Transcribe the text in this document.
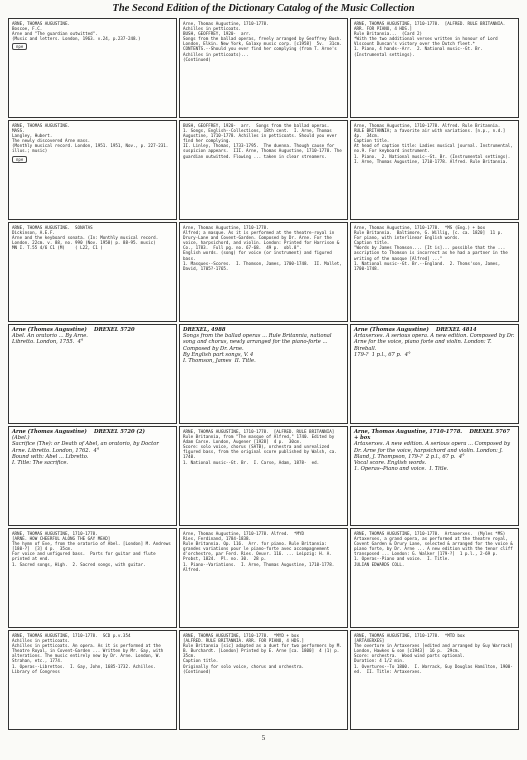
The Second Edition of the Dictionary Catalog of the Music Collection
ARNE, THOMAS AUGUSTINE.
Boscoe, F.C.
Arne and "The guardian outwitted".
(Music and letters. London, 1963. v.24, p.237-248.)
npe
Arne, Thomas Augustine, 1710-1778.
Achilles in petticoats.
BUSH, GEOFFREY, 1920-  arr.
Songs from the ballad operas, freely arranged by Geoffrey Bush. London, Elkin. New York, Galaxy music corp. [c1958]  5v.  31cm.
CONTENTS.--Should you ever find her complying (from T. Arne's Achilles in petticoats)...
(Continued)
ARNE, THOMAS AUGUSTINE, 1710-1778.  [ALFRED. RULE BRITANNIA. ARR. FOR PIANO, 4 HDS.]
Rule Britannia...  (Card 2)
*With the two additional verses written in honour of Lord Viscount Duncan's victory over the Dutch fleet.*
1. Piano, 4 hands--Arr.  2. National music--Gt. Br. (Instrumental settings).
ARNE, THOMAS AUGUSTINE.
MASS.
Langley, Hubert.
The newly discovered Arne mass.
(Monthly musical record. London, 1951. 1951, Nov., p. 227-231. illus.; music)
npe
BUSH, GEOFFREY, 1920-  arr.  Songs from the ballad operas.
1. Songs, English--Collections, 18th cent.  I. Arne, Thomas Augustine, 1710-1778. Achilles in petticoats. Should you ever find her complying.
II. Linley, Thomas, 1733-1795.  The duenna. Though cause for suspicion appears.  III. Arne, Thomas Augustine, 1710-1778. The guardian outwitted. Flowing ... taken in clear streamers.
Arne, Thomas Augustine, 1710-1778. Alfred. Rule Britannia.
RULE BRITANNIA; a favorite air with variations. [n.p., n.d.]  4p.  34cm.
Caption title.
At head of caption title: Ladies musical journal. Instrumental, no.9. For keyboard instrument.
1. Piano.  2. National music--Gt. Br. (Instrumental settings). I. Arne, Thomas Augustine, 1710-1778. Alfred. Rule Britannia.
ARNE, THOMAS AUGUSTINE.  SONATAS
Dickinson, A.E.F.
Arne and the keyboard sonata. (In: Monthly musical record. London. 22cm. v. 88, no. 990 (Nov. 1958) p. 88-95. music)
MN I. T.55 4/6 C1 (M)    ( L22, C1 )
Arne, Thomas Augustine, 1710-1778.
Alfred; a masque. As it is performed at the theatre-royal in Drury-Lane and Covent-Garden. Composed by Dr. Arne. For the voice, harpsichord, and violin. London: Printed for Harrison & Co., 1783.  Full pg. no. 67-68.  49 p.  obl.8".
English words. (song) for voice (or instrument) and figured bass.
1. Masques--Scores.  I. Thomson, James, 1700-1748.  II. Mallet, David, 1705?-1765.
Arne, Thomas Augustine, 1710-1778.  *MS (Eng.) + box
Rule Britannia.  Baltimore, G. Willig, [c. ca. 1820]  11 p.
For piano, with interlinear English words.
Caption title.
"Words by James Thomson.... [It is]... possible that the ... ascription to Thomson is incorrect as he had a partner in the writing of the masque [Alfred] ..."
1. National music--Gt. Br.--England.  2. Thoms'son, James, 1700-1748.
Arne (Thomas Augustine)    DREXEL 5720
Abel. An oratorio ... By Arne.
Libretto. London, 1755.  4°
DREXEL, 4988
Songs from the ballad operas ... Rule Britannia, national song and chorus, newly arranged for the piano-forte ... Composed by Dr. Arne.
By English part songs, V. 4
I. Thomson, James  II. Title.
Arne (Thomas Augustine)    DREXEL 4814
Artaxerxes. A serious opera. A new edition. Composed by Dr. Arne for the voice, piano forte and violin. London: T. Bireball.
179-?  1 p.l., 67 p.  4°
Arne (Thomas Augustine)    DREXEL 5720 (2)
(Abel.)
Sacrifice (The): or Death of Abel, an oratorio, by Doctor Arne. Libretto. London, 1762.  4°
Bound with: Abel ... Libretto.
I. Title: The sacrifice.
ARNE, THOMAS AUGUSTINE, 1710-1778.  [ALFRED. RULE BRITANNIA]
Rule Britannia, from "The masque of Alfred," 1740. Edited by Adam Carse. London, Augener [1928]  4 p.  30cm.
Score: solo voice, chorus (SATB), orchestra and unrealized figured bass, from the original score published by Walsh, ca. 1740.
1. National music--Gt. Br.  I. Carse, Adam, 1878-  ed.
Arne, Thomas Augustine, 1710-1778.    DREXEL 5767 + box
Artaxerxes. A new edition. A serious opera ... Composed by Dr. Arne for the voice, harpsichord and violin. London: J. Bland, J. Thompson, 179-?  2 p.l., 67 p.  4°
Vocal score. English words.
1. Operas--Piano and voice.  I. Title.
ARNE, THOMAS AUGUSTINE, 1710-1778.
[ARNE. HOW CHEERFUL ALONG THE GAY MEAD]
The hymn of Eve, from the oratorio of Abel. [London] M. Andrews [180-?]  [3] 4 p.  35cm.
For voice and unfigured bass.  Parts for guitar and flute printed at end.
1. Sacred songs, High.  2. Sacred songs, with guitar.
Arne, Thomas Augustine, 1710-1778. Alfred.  *MYD
Ries, Ferdinand, 1784-1838.
Rule Britannia. Op. 116.  Arr. for piano. Rule Britannia: grandes variations pour le piano-forte avec accompagnement d'orchestre, par Ferd. Ries. Oeuvr. 116. ... Leipzig: H. A. Probst, 1824.  Pl. no. 30.  28 p.
1. Piano--Variations.  I. Arne, Thomas Augustine, 1710-1778. Alfred.
ARNE, THOMAS AUGUSTINE, 1710-1778.  Artaxerxes.  (Myles *MS)
Artaxerxes, a grand opera, as performed at the theatre royal, Covent Garden & Drury Lane, selected & arranged for the voice & piano forte, by Dr. Arne ... A new edition with the tenor cliff transposed ... London: G. Walker [179-?]  1 p.l., 2-69 p.
1. Operas--Piano and voice.  I. Title.
JULIAN EDWARDS COLL.
ARNE, THOMAS AUGUSTINE, 1710-1778.  SCD p.v.354
Achilles in petticoats.
Achilles in petticoats. An opera. As it is performed at the Theatre Royal, in Covent-Garden ... Written by Mr. Gay, with alterations. The music entirely new by Dr. Arne. London, W. Strahan, etc., 1774.
1. Operas--Librettos.  I. Gay, John, 1685-1732. Achilles.
Library of Congress
ARNE, THOMAS AUGUSTINE, 1710-1778.  *MYD + box
[ALFRED. RULE BRITANNIA. ARR. FOR PIANO, 4 HDS.]
Rule Britannia [sic] adapted as a duet for two performers by M. B. Burchardt. [London] Printed by E. Arne [ca. 1800]  4 (1) p.  35cm.
Caption title.
Originally for solo voice, chorus and orchestra.
(Continued)
ARNE, THOMAS AUGUSTINE, 1710-1778.  *MTD box
[ARTAXERXES]
The overture in Artaxerxes [edited and arranged by Guy Warrack] London, Hawkes & son [c1943]  16 p.  29cm.
Score: orchestra.  Wood wind parts optional.
Duration: 4 1/2 min.
1. Overtures--To 1800.  I. Warrack, Guy Douglas Hamilton, 1900-  ed.  II. Title: Artaxerxes.
5
